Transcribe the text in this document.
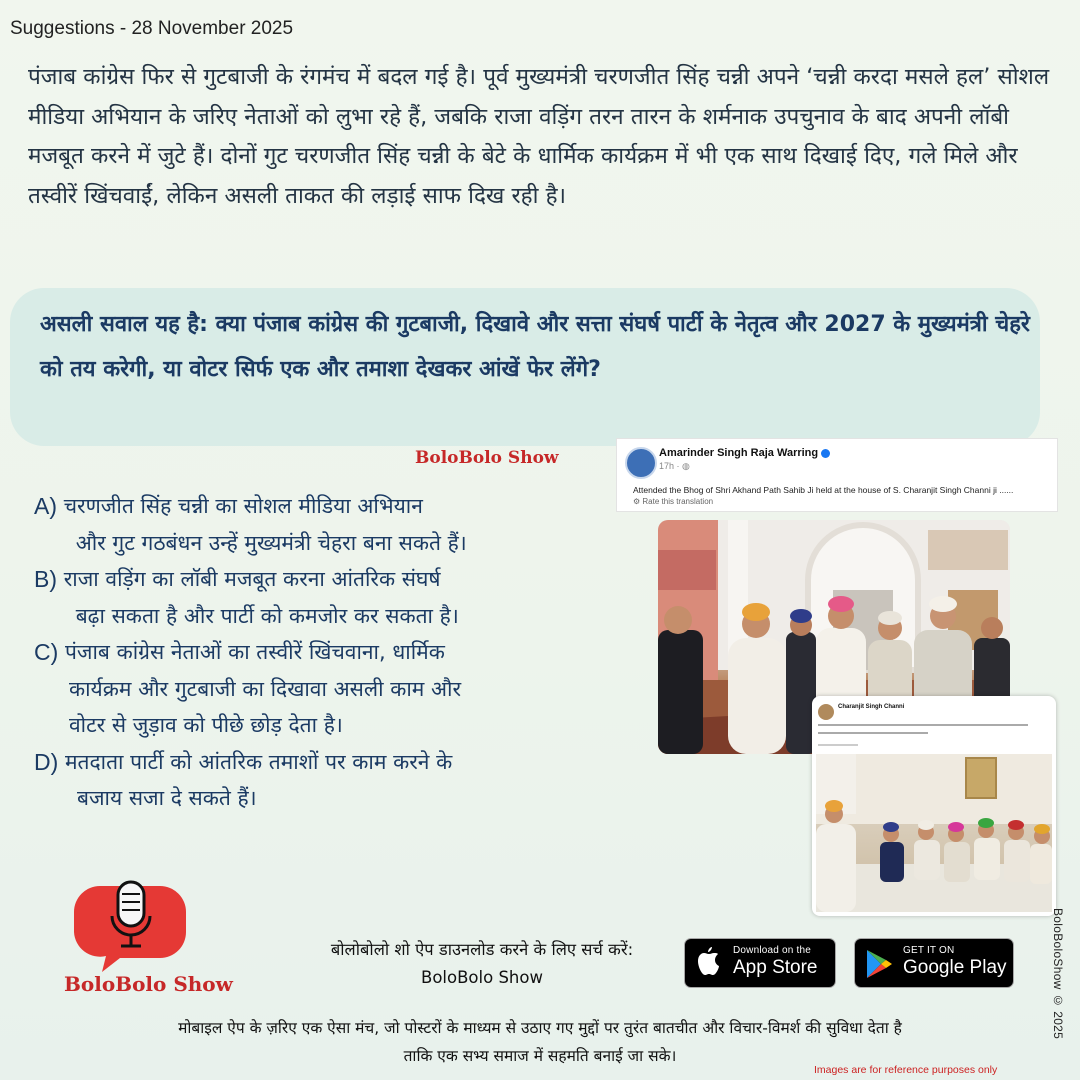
Suggestions - 28 November 2025

पंजाब कांग्रेस फिर से गुटबाजी के रंगमंच में बदल गई है। पूर्व मुख्यमंत्री चरणजीत सिंह चन्नी अपने ‘चन्नी करदा मसले हल’ सोशल मीडिया अभियान के जरिए नेताओं को लुभा रहे हैं, जबकि राजा वड़िंग तरन तारन के शर्मनाक उपचुनाव के बाद अपनी लॉबी मजबूत करने में जुटे हैं। दोनों गुट चरणजीत सिंह चन्नी के बेटे के धार्मिक कार्यक्रम में भी एक साथ दिखाई दिए, गले मिले और तस्वीरें खिंचवाईं, लेकिन असली ताकत की लड़ाई साफ दिख रही है।

असली सवाल यह है: क्या पंजाब कांग्रेस की गुटबाजी, दिखावे और सत्ता संघर्ष पार्टी के नेतृत्व और 2027 के मुख्यमंत्री चेहरे को तय करेगी, या वोटर सिर्फ एक और तमाशा देखकर आंखें फेर लेंगे?

BoloBolo Show
A)
चरणजीत सिंह चन्नी का सोशल मीडिया अभियान
और गुट गठबंधन उन्हें मुख्यमंत्री चेहरा बना सकते हैं।
B)
राजा वड़िंग का लॉबी मजबूत करना आंतरिक संघर्ष
बढ़ा सकता है और पार्टी को कमजोर कर सकता है।
C)
पंजाब कांग्रेस नेताओं का तस्वीरें खिंचवाना, धार्मिक
कार्यक्रम और गुटबाजी का दिखावा असली काम और
वोटर से जुड़ाव को पीछे छोड़ देता है।
D)
मतदाता पार्टी को आंतरिक तमाशों पर काम करने के
बजाय सजा दे सकते हैं।
Amarinder Singh Raja Warring
17h · ◍
Attended the Bhog of Shri Akhand Path Sahib Ji held at the house of S. Charanjit Singh Channi ji ......
⚙ Rate this translation
Charanjit Singh Channi
BoloBolo Show
बोलोबोलो शो ऐप डाउनलोड करने के लिए सर्च करें:
BoloBolo Show
Download on the
App Store
GET IT ON
Google Play
मोबाइल ऐप के ज़रिए एक ऐसा मंच, जो पोस्टरों के माध्यम से उठाए गए मुद्दों पर तुरंत बातचीत और विचार-विमर्श की सुविधा देता है
ताकि एक सभ्य समाज में सहमति बनाई जा सके।
Images are for reference purposes only
BoloBoloShow © 2025
